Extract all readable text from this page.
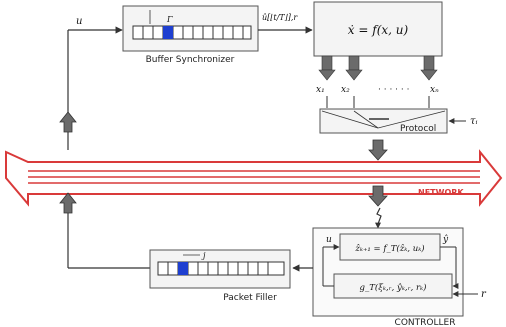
NETWORK
u	Γ
Buffer Synchronizer
û[⌊t/T⌋],r
ẋ = f(x, u)
x₁ x₂	· · · · · · xₙ
Protocol
τᵢ
ẑₖ₊₁ = f_T(ẑₖ, uₖ)
g_T(ξₖ,ᵣ, ŷₖ,ᵣ, rₖ)
u	ŷ
CONTROLLER
r
j
Packet Filler
